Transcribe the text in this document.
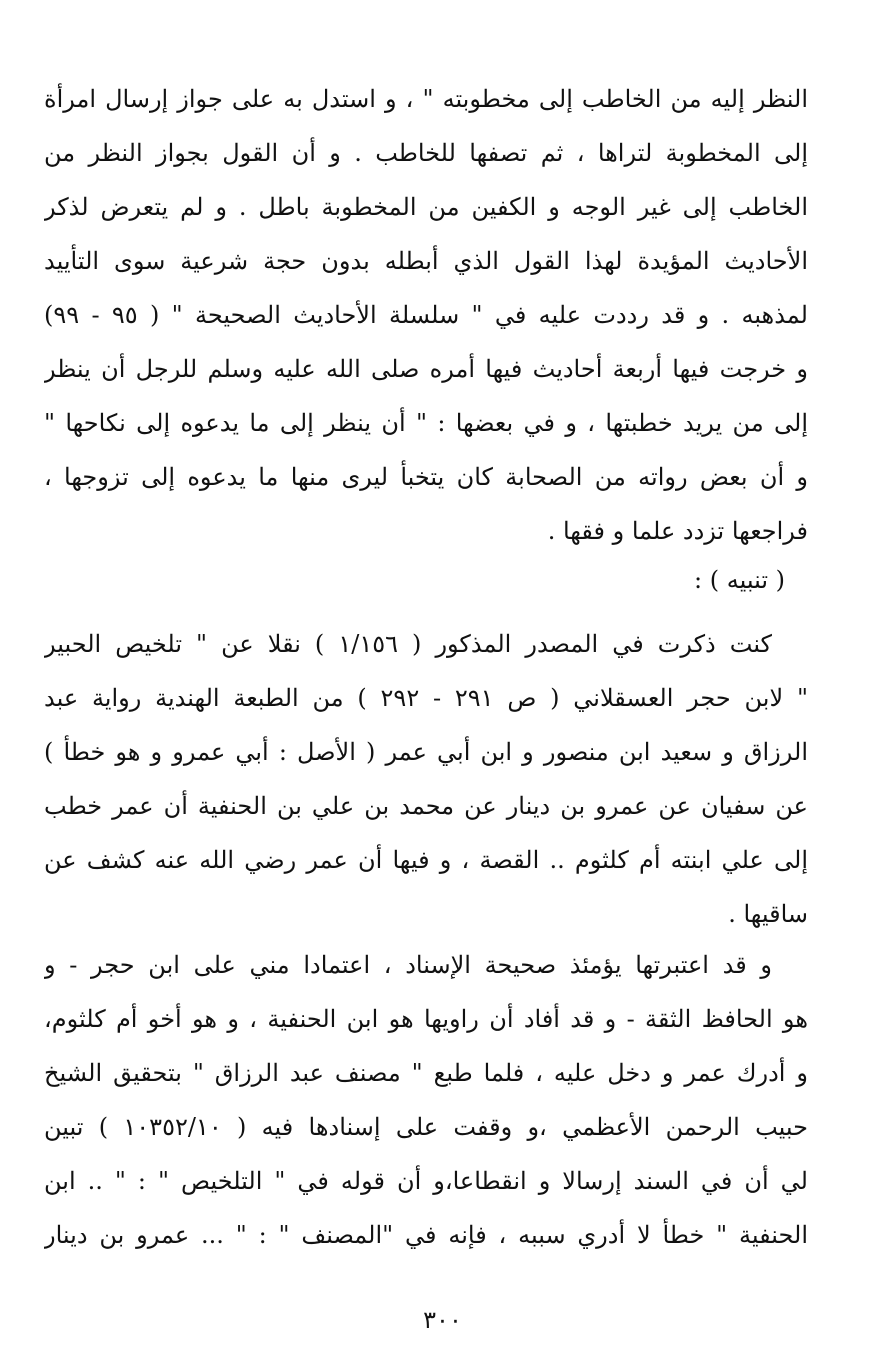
النظر إليه من الخاطب إلى مخطوبته " ، و استدل به على جواز إرسال امرأة
إلى المخطوبة لتراها ، ثم تصفها للخاطب . و أن القول بجواز النظر من
الخاطب إلى غير الوجه و الكفين من المخطوبة باطل . و لم يتعرض لذكر
الأحاديث المؤيدة لهذا القول الذي أبطله بدون حجة شرعية سوى التأييد
لمذهبه . و قد رددت عليه في " سلسلة الأحاديث الصحيحة " ( ٩٥ - ٩٩)
و خرجت فيها أربعة أحاديث فيها أمره صلى الله عليه وسلم للرجل أن ينظر
إلى من يريد خطبتها ، و في بعضها : " أن ينظر إلى ما يدعوه إلى نكاحها "
و أن بعض رواته من الصحابة كان يتخبأ ليرى منها ما يدعوه إلى تزوجها ،
فراجعها تزدد علما و فقها .
( تنبيه ) :
كنت ذكرت في المصدر المذكور ( ١/١٥٦ ) نقلا عن " تلخيص الحبير
" لابن حجر العسقلاني ( ص ٢٩١ - ٢٩٢ ) من الطبعة الهندية رواية عبد
الرزاق و سعيد ابن منصور و ابن أبي عمر ( الأصل : أبي عمرو و هو خطأ )
عن سفيان عن عمرو بن دينار عن محمد بن علي بن الحنفية أن عمر خطب
إلى علي ابنته أم كلثوم .. القصة ، و فيها أن عمر رضي الله عنه كشف عن
ساقيها .
و قد اعتبرتها يؤمئذ صحيحة الإسناد ، اعتمادا مني على ابن حجر - و
هو الحافظ الثقة - و قد أفاد أن راويها هو ابن الحنفية ، و هو أخو أم كلثوم،
و أدرك عمر و دخل عليه ، فلما طبع " مصنف عبد الرزاق " بتحقيق الشيخ
حبيب الرحمن الأعظمي ،و وقفت على إسنادها فيه ( ١٠٣٥٢/١٠ ) تبين
لي أن في السند إرسالا و انقطاعا،و أن قوله في " التلخيص " : " .. ابن
الحنفية " خطأ لا أدري سببه ، فإنه في "المصنف " : " ... عمرو بن دينار
٣٠٠
